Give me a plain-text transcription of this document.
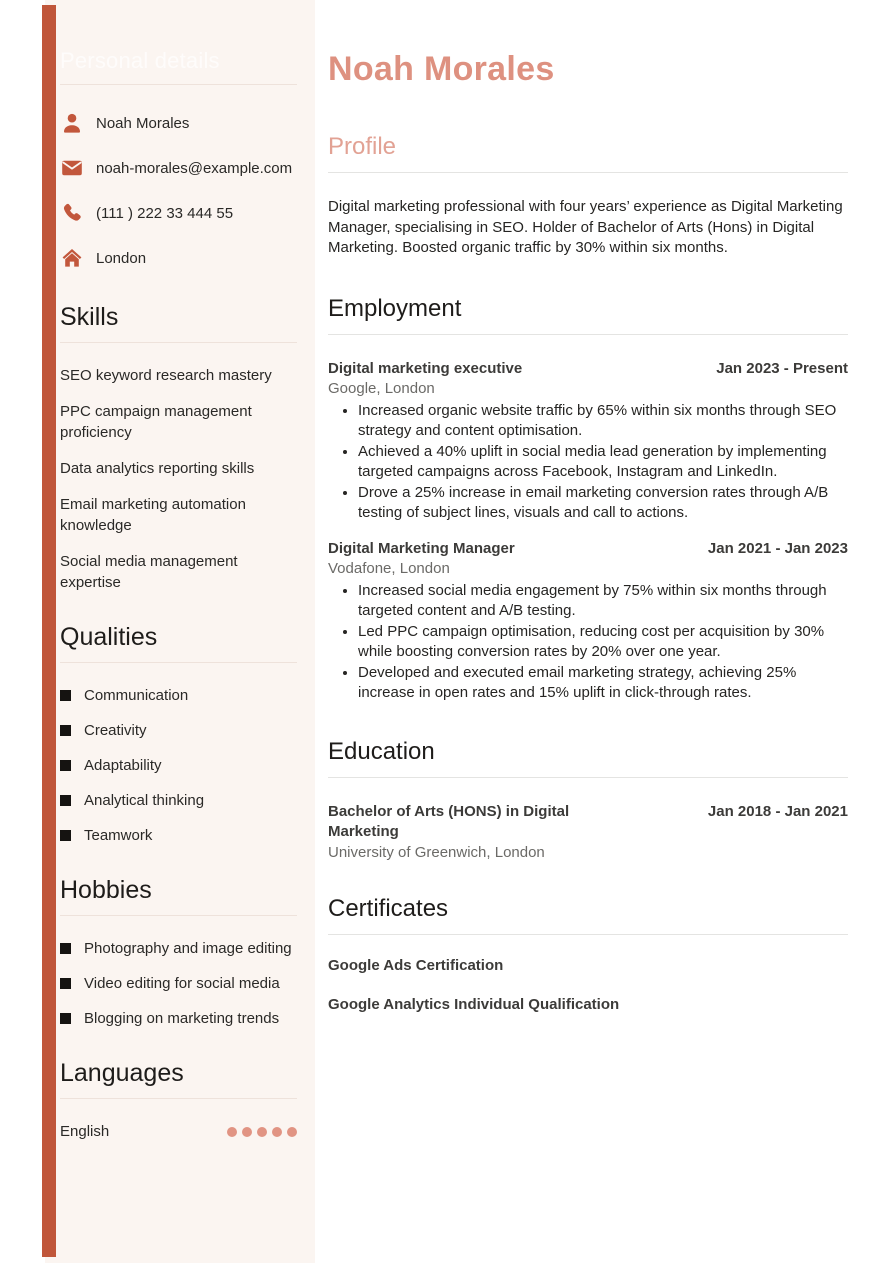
Personal details
Noah Morales
noah-morales@example.com
(111 ) 222 33 444 55
London
Skills
SEO keyword research mastery
PPC campaign management proficiency
Data analytics reporting skills
Email marketing automation knowledge
Social media management expertise
Qualities
Communication
Creativity
Adaptability
Analytical thinking
Teamwork
Hobbies
Photography and image editing
Video editing for social media
Blogging on marketing trends
Languages
English
Noah Morales
Profile

Digital marketing professional with four years’ experience as Digital Marketing Manager, specialising in SEO. Holder of Bachelor of Arts (Hons) in Digital Marketing. Boosted organic traffic by 30% within six months.

Employment
Digital marketing executive	Jan 2023 - Present
Google, London
• Increased organic website traffic by 65% within six months through SEO strategy and content optimisation.
• Achieved a 40% uplift in social media lead generation by implementing targeted campaigns across Facebook, Instagram and LinkedIn.
• Drove a 25% increase in email marketing conversion rates through A/B testing of subject lines, visuals and call to actions.
Digital Marketing Manager	Jan 2021 - Jan 2023
Vodafone, London
• Increased social media engagement by 75% within six months through targeted content and A/B testing.
• Led PPC campaign optimisation, reducing cost per acquisition by 30% while boosting conversion rates by 20% over one year.
• Developed and executed email marketing strategy, achieving 25% increase in open rates and 15% uplift in click-through rates.
Education
Bachelor of Arts (HONS) in Digital Marketing
Jan 2018 - Jan 2021
University of Greenwich, London
Certificates
Google Ads Certification
Google Analytics Individual Qualification
